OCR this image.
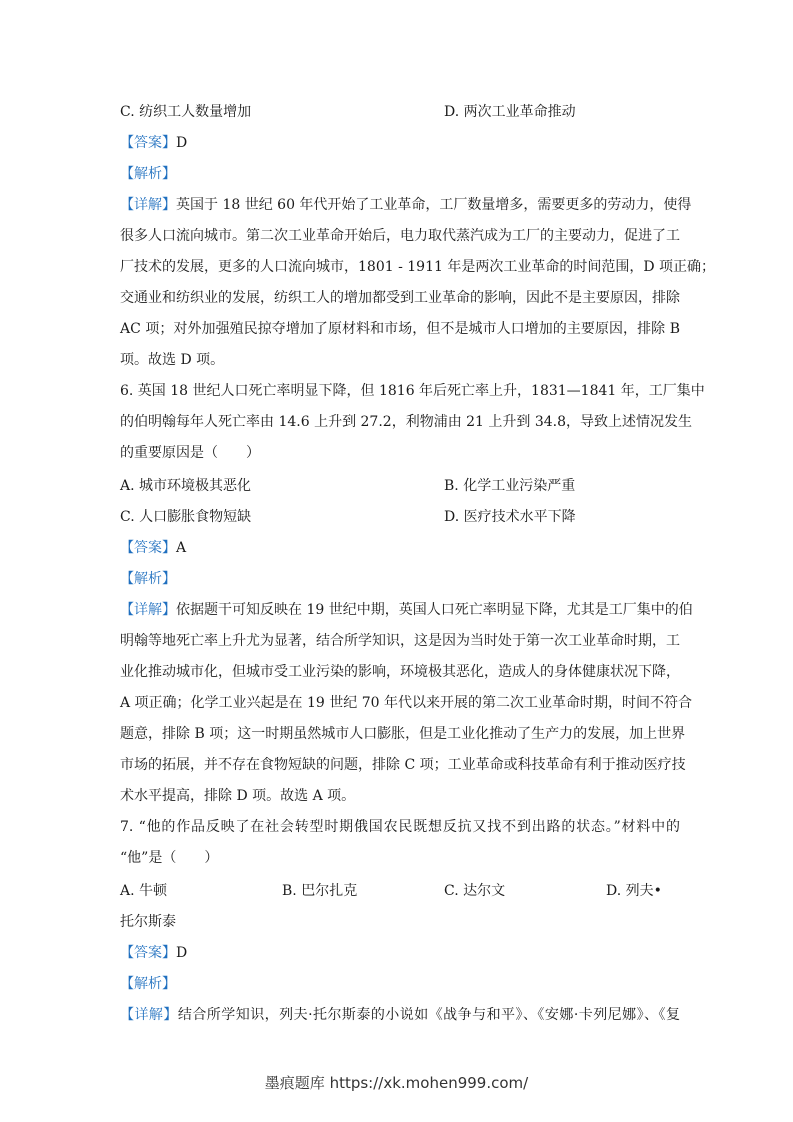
C. 纺织工人数量增加	D. 两次工业革命推动
【答案】D
【解析】
【详解】英国于 18 世纪 60 年代开始了工业革命，工厂数量增多，需要更多的劳动力，使得
很多人口流向城市。第二次工业革命开始后，电力取代蒸汽成为工厂的主要动力，促进了工
厂技术的发展，更多的人口流向城市，1801 - 1911 年是两次工业革命的时间范围，D 项正确；
交通业和纺织业的发展，纺织工人的增加都受到工业革命的影响，因此不是主要原因，排除
AC 项；对外加强殖民掠夺增加了原材料和市场，但不是城市人口增加的主要原因，排除 B
项。故选 D 项。
6. 英国 18 世纪人口死亡率明显下降，但 1816 年后死亡率上升，1831—1841 年，工厂集中
的伯明翰每年人死亡率由 14.6 上升到 27.2，利物浦由 21 上升到 34.8，导致上述情况发生
的重要原因是（　　）
A. 城市环境极其恶化	B. 化学工业污染严重
C. 人口膨胀食物短缺	D. 医疗技术水平下降
【答案】A
【解析】
【详解】依据题干可知反映在 19 世纪中期，英国人口死亡率明显下降，尤其是工厂集中的伯
明翰等地死亡率上升尤为显著，结合所学知识，这是因为当时处于第一次工业革命时期，工
业化推动城市化，但城市受工业污染的影响，环境极其恶化，造成人的身体健康状况下降，
A 项正确；化学工业兴起是在 19 世纪 70 年代以来开展的第二次工业革命时期，时间不符合
题意，排除 B 项；这一时期虽然城市人口膨胀，但是工业化推动了生产力的发展，加上世界
市场的拓展，并不存在食物短缺的问题，排除 C 项；工业革命或科技革命有利于推动医疗技
术水平提高，排除 D 项。故选 A 项。
7. “他的作品反映了在社会转型时期俄国农民既想反抗又找不到出路的状态。”材料中的
“他”是（　　）
A. 牛顿	B. 巴尔扎克	C. 达尔文	D. 列夫•
托尔斯泰
【答案】D
【解析】
【详解】结合所学知识，列夫·托尔斯泰的小说如《战争与和平》、《安娜·卡列尼娜》、《复
墨痕题库 https://xk.mohen999.com/
